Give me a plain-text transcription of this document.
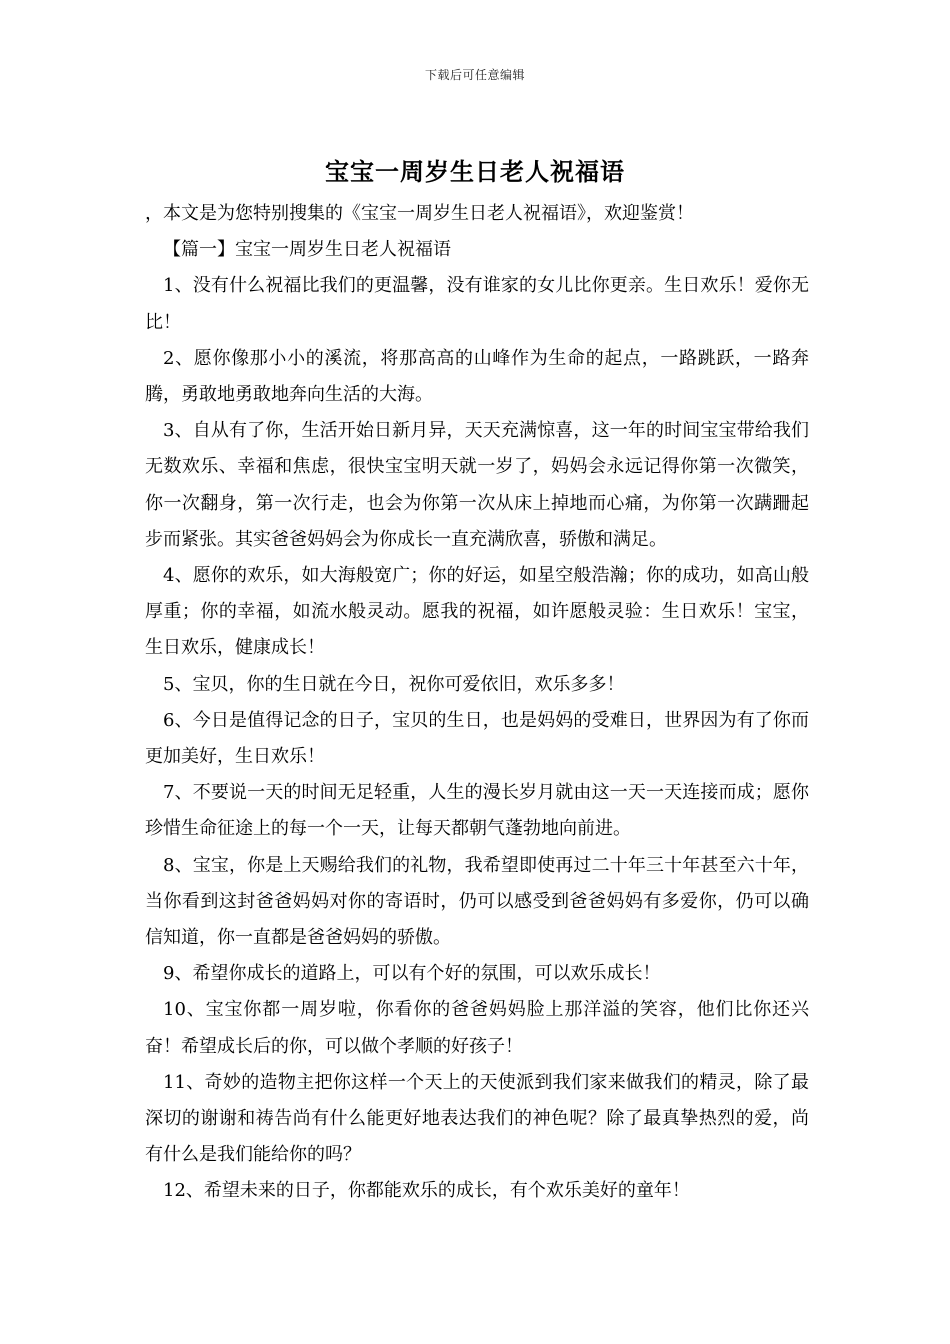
下载后可任意编辑
宝宝一周岁生日老人祝福语

，本文是为您特别搜集的《宝宝一周岁生日老人祝福语》，欢迎鉴赏！

【篇一】宝宝一周岁生日老人祝福语

1、没有什么祝福比我们的更温馨，没有谁家的女儿比你更亲。生日欢乐！爱你无比！

2、愿你像那小小的溪流，将那高高的山峰作为生命的起点，一路跳跃，一路奔腾，勇敢地勇敢地奔向生活的大海。

3、自从有了你，生活开始日新月异，天天充满惊喜，这一年的时间宝宝带给我们无数欢乐、幸福和焦虑，很快宝宝明天就一岁了，妈妈会永远记得你第一次微笑，你一次翻身，第一次行走，也会为你第一次从床上掉地而心痛，为你第一次蹒跚起步而紧张。其实爸爸妈妈会为你成长一直充满欣喜，骄傲和满足。

4、愿你的欢乐，如大海般宽广；你的好运，如星空般浩瀚；你的成功，如高山般厚重；你的幸福，如流水般灵动。愿我的祝福，如许愿般灵验：生日欢乐！宝宝，生日欢乐，健康成长！

5、宝贝，你的生日就在今日，祝你可爱依旧，欢乐多多！

6、今日是值得记念的日子，宝贝的生日，也是妈妈的受难日，世界因为有了你而更加美好，生日欢乐！

7、不要说一天的时间无足轻重，人生的漫长岁月就由这一天一天连接而成；愿你珍惜生命征途上的每一个一天，让每天都朝气蓬勃地向前进。

8、宝宝，你是上天赐给我们的礼物，我希望即使再过二十年三十年甚至六十年，当你看到这封爸爸妈妈对你的寄语时，仍可以感受到爸爸妈妈有多爱你，仍可以确信知道，你一直都是爸爸妈妈的骄傲。

9、希望你成长的道路上，可以有个好的氛围，可以欢乐成长！

10、宝宝你都一周岁啦，你看你的爸爸妈妈脸上那洋溢的笑容，他们比你还兴奋！希望成长后的你，可以做个孝顺的好孩子！

11、奇妙的造物主把你这样一个天上的天使派到我们家来做我们的精灵，除了最深切的谢谢和祷告尚有什么能更好地表达我们的神色呢？除了最真挚热烈的爱，尚有什么是我们能给你的吗？

12、希望未来的日子，你都能欢乐的成长，有个欢乐美好的童年！
